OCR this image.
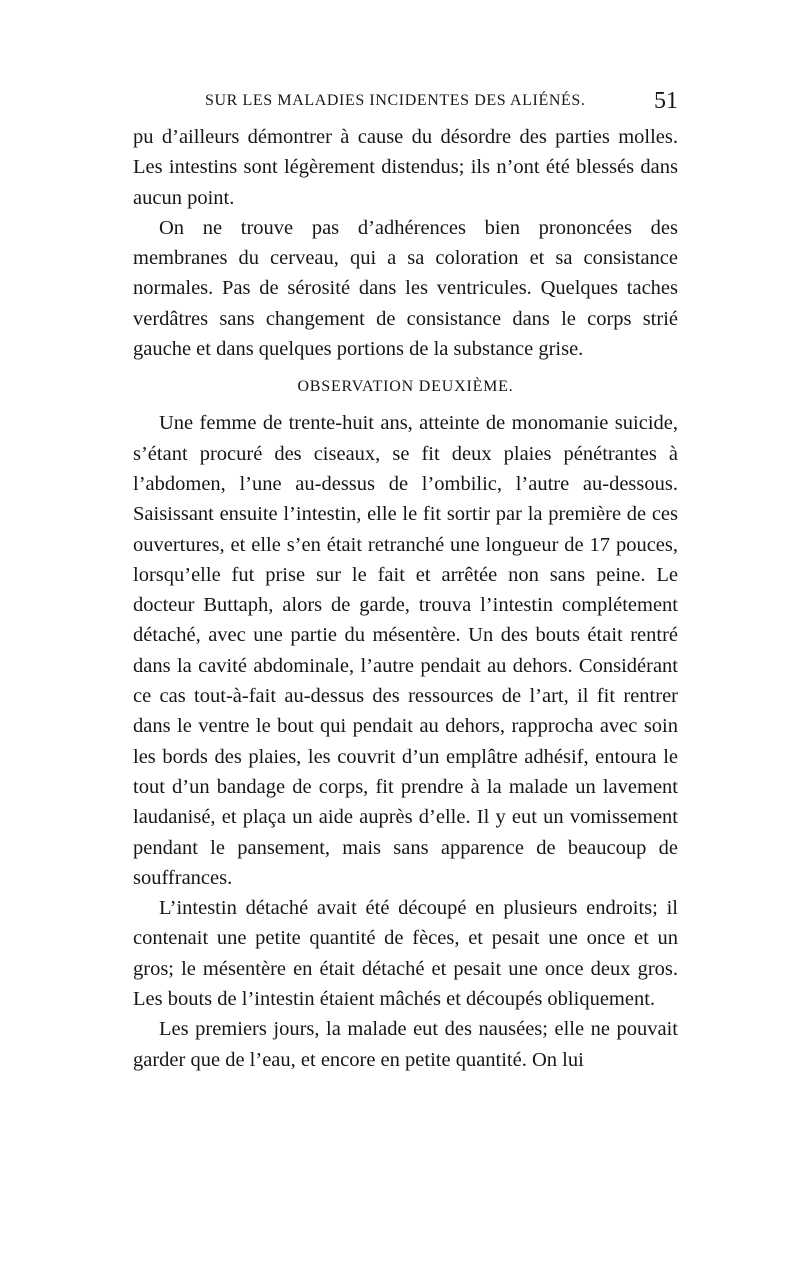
SUR LES MALADIES INCIDENTES DES ALIÉNÉS.	51

pu d’ailleurs démontrer à cause du désordre des parties molles. Les intestins sont légèrement distendus; ils n’ont été blessés dans aucun point.

On ne trouve pas d’adhérences bien prononcées des membranes du cerveau, qui a sa coloration et sa consistance normales. Pas de sérosité dans les ventricules. Quelques taches verdâtres sans changement de consistance dans le corps strié gauche et dans quelques portions de la substance grise.

OBSERVATION DEUXIÈME.

Une femme de trente-huit ans, atteinte de monomanie suicide, s’étant procuré des ciseaux, se fit deux plaies pénétrantes à l’abdomen, l’une au-dessus de l’ombilic, l’autre au-dessous. Saisissant ensuite l’intestin, elle le fit sortir par la première de ces ouvertures, et elle s’en était retranché une longueur de 17 pouces, lorsqu’elle fut prise sur le fait et arrêtée non sans peine. Le docteur Buttaph, alors de garde, trouva l’intestin complétement détaché, avec une partie du mésentère. Un des bouts était rentré dans la cavité abdominale, l’autre pendait au dehors. Considérant ce cas tout-à-fait au-dessus des ressources de l’art, il fit rentrer dans le ventre le bout qui pendait au dehors, rapprocha avec soin les bords des plaies, les couvrit d’un emplâtre adhésif, entoura le tout d’un bandage de corps, fit prendre à la malade un lavement laudanisé, et plaça un aide auprès d’elle. Il y eut un vomissement pendant le pansement, mais sans apparence de beaucoup de souffrances.

L’intestin détaché avait été découpé en plusieurs endroits; il contenait une petite quantité de fèces, et pesait une once et un gros; le mésentère en était détaché et pesait une once deux gros. Les bouts de l’intestin étaient mâchés et découpés obliquement.

Les premiers jours, la malade eut des nausées; elle ne pouvait garder que de l’eau, et encore en petite quantité. On lui
